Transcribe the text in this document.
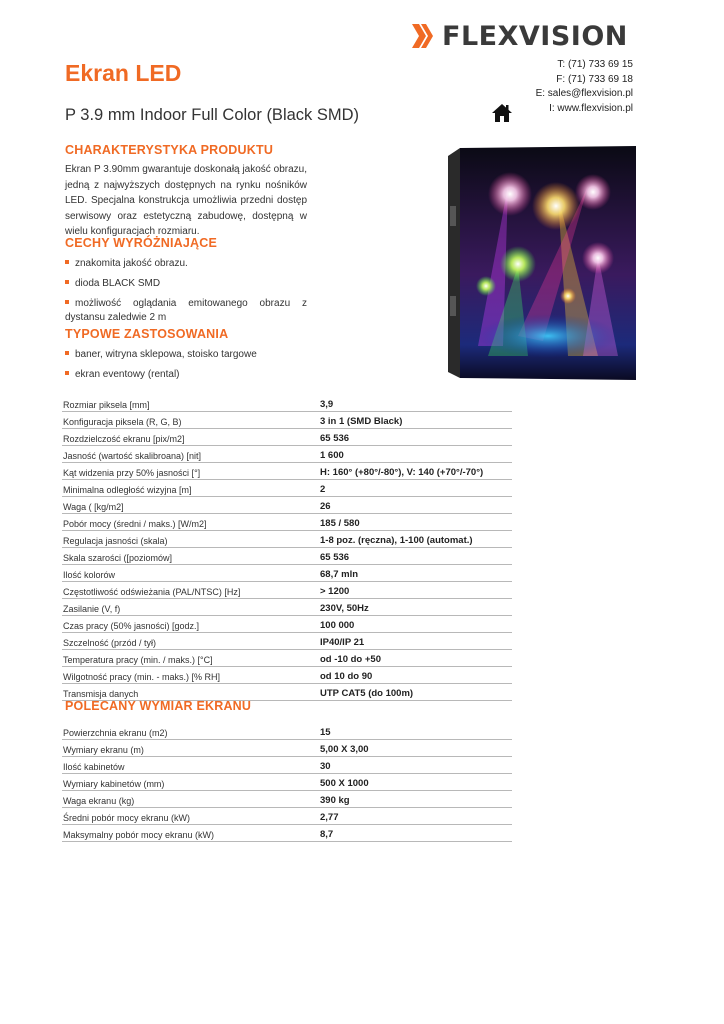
FLEXVISION
T: (71) 733 69 15
F: (71) 733 69 18
E: sales@flexvision.pl
I: www.flexvision.pl
Ekran LED
P 3.9 mm Indoor Full Color (Black SMD)
CHARAKTERYSTYKA PRODUKTU
Ekran P 3.90mm gwarantuje doskonałą jakość obrazu, jedną z najwyższych dostępnych na rynku nośników LED. Specjalna konstrukcja umożliwia przedni dostęp serwisowy oraz estetyczną zabudowę, dostępną w wielu konfiguracjach rozmiaru.
CECHY WYRÓŻNIAJĄCE
znakomita jakość obrazu.
dioda BLACK SMD
możliwość oglądania emitowanego obrazu z dystansu zaledwie 2 m
TYPOWE ZASTOSOWANIA
baner, witryna sklepowa, stoisko targowe
ekran eventowy (rental)
Rozmiar piksela [mm]	3,9
Konfiguracja piksela (R, G, B)	3 in 1 (SMD Black)
Rozdzielczość ekranu [pix/m2]	65 536
Jasność (wartość skalibroana) [nit]	1 600
Kąt widzenia przy 50% jasności [°]	H: 160° (+80°/-80°), V: 140 (+70°/-70°)
Minimalna odległość wizyjna [m]	2
Waga ( [kg/m2]	26
Pobór mocy (średni / maks.) [W/m2]	185 / 580
Regulacja jasności (skala)	1-8 poz. (ręczna), 1-100 (automat.)
Skala szarości ([poziomów]	65 536
Ilość kolorów	68,7 mln
Częstotliwość odświeżania (PAL/NTSC) [Hz]	> 1200
Zasilanie (V, f)	230V, 50Hz
Czas pracy (50% jasności) [godz.]	100 000
Szczelność (przód / tył)	IP40/IP 21
Temperatura pracy (min. / maks.) [°C]	od -10 do +50
Wilgotność pracy (min. - maks.) [% RH]	od 10 do 90
Transmisja danych	UTP CAT5 (do 100m)
POLECANY WYMIAR EKRANU
Powierzchnia ekranu (m2)	15
Wymiary ekranu (m)	5,00 X 3,00
Ilość kabinetów	30
Wymiary kabinetów (mm)	500 X 1000
Waga ekranu (kg)	390 kg
Średni pobór mocy ekranu (kW)	2,77
Maksymalny pobór mocy ekranu (kW)	8,7
